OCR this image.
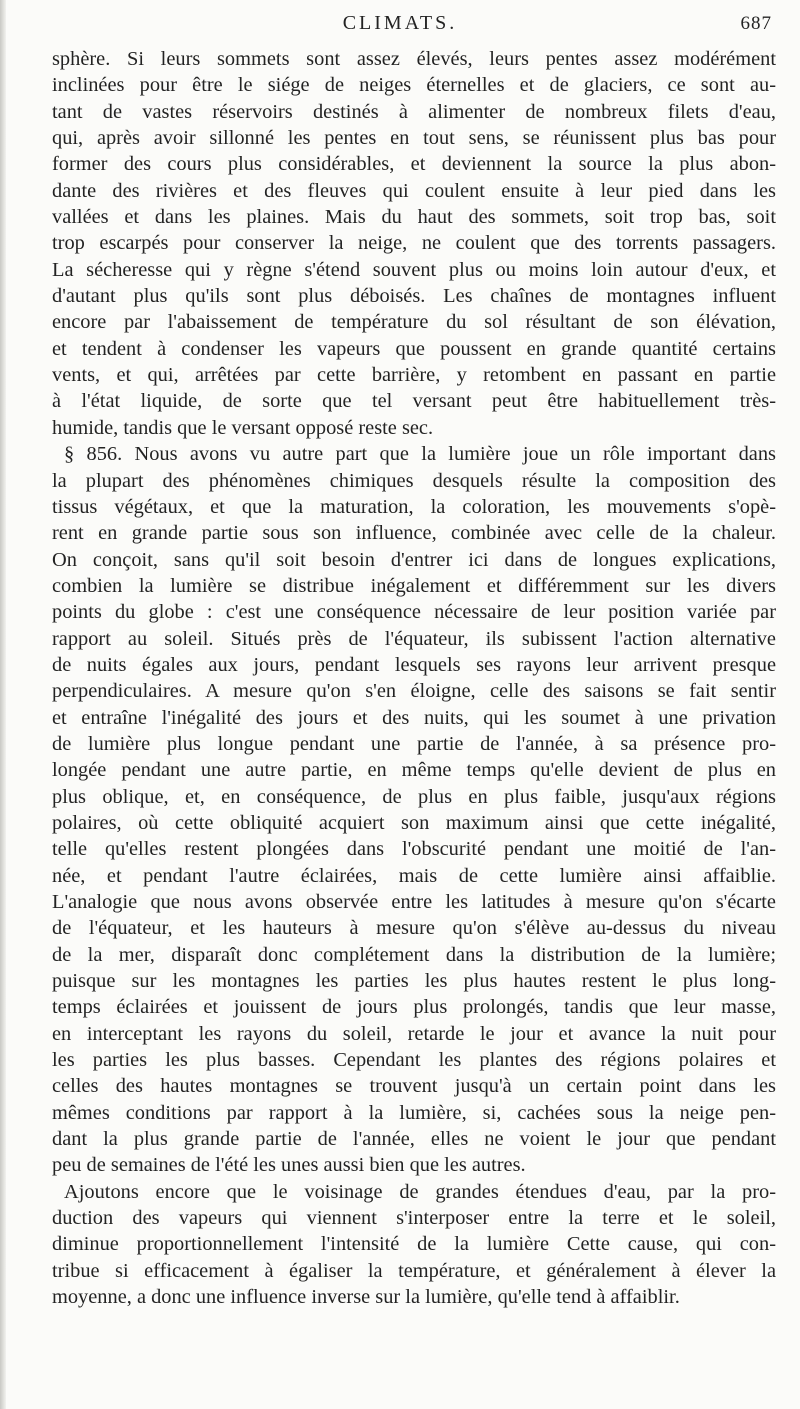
CLIMATS.	687
sphère. Si leurs sommets sont assez élevés, leurs pentes assez modérément
inclinées pour être le siége de neiges éternelles et de glaciers, ce sont au-
tant de vastes réservoirs destinés à alimenter de nombreux filets d'eau,
qui, après avoir sillonné les pentes en tout sens, se réunissent plus bas pour
former des cours plus considérables, et deviennent la source la plus abon-
dante des rivières et des fleuves qui coulent ensuite à leur pied dans les
vallées et dans les plaines. Mais du haut des sommets, soit trop bas, soit
trop escarpés pour conserver la neige, ne coulent que des torrents passagers.
La sécheresse qui y règne s'étend souvent plus ou moins loin autour d'eux, et
d'autant plus qu'ils sont plus déboisés. Les chaînes de montagnes influent
encore par l'abaissement de température du sol résultant de son élévation,
et tendent à condenser les vapeurs que poussent en grande quantité certains
vents, et qui, arrêtées par cette barrière, y retombent en passant en partie
à l'état liquide, de sorte que tel versant peut être habituellement très-
humide, tandis que le versant opposé reste sec.
§ 856. Nous avons vu autre part que la lumière joue un rôle important dans
la plupart des phénomènes chimiques desquels résulte la composition des
tissus végétaux, et que la maturation, la coloration, les mouvements s'opè-
rent en grande partie sous son influence, combinée avec celle de la chaleur.
On conçoit, sans qu'il soit besoin d'entrer ici dans de longues explications,
combien la lumière se distribue inégalement et différemment sur les divers
points du globe : c'est une conséquence nécessaire de leur position variée par
rapport au soleil. Situés près de l'équateur, ils subissent l'action alternative
de nuits égales aux jours, pendant lesquels ses rayons leur arrivent presque
perpendiculaires. A mesure qu'on s'en éloigne, celle des saisons se fait sentir
et entraîne l'inégalité des jours et des nuits, qui les soumet à une privation
de lumière plus longue pendant une partie de l'année, à sa présence pro-
longée pendant une autre partie, en même temps qu'elle devient de plus en
plus oblique, et, en conséquence, de plus en plus faible, jusqu'aux régions
polaires, où cette obliquité acquiert son maximum ainsi que cette inégalité,
telle qu'elles restent plongées dans l'obscurité pendant une moitié de l'an-
née, et pendant l'autre éclairées, mais de cette lumière ainsi affaiblie.
L'analogie que nous avons observée entre les latitudes à mesure qu'on s'écarte
de l'équateur, et les hauteurs à mesure qu'on s'élève au-dessus du niveau
de la mer, disparaît donc complétement dans la distribution de la lumière;
puisque sur les montagnes les parties les plus hautes restent le plus long-
temps éclairées et jouissent de jours plus prolongés, tandis que leur masse,
en interceptant les rayons du soleil, retarde le jour et avance la nuit pour
les parties les plus basses. Cependant les plantes des régions polaires et
celles des hautes montagnes se trouvent jusqu'à un certain point dans les
mêmes conditions par rapport à la lumière, si, cachées sous la neige pen-
dant la plus grande partie de l'année, elles ne voient le jour que pendant
peu de semaines de l'été les unes aussi bien que les autres.
Ajoutons encore que le voisinage de grandes étendues d'eau, par la pro-
duction des vapeurs qui viennent s'interposer entre la terre et le soleil,
diminue proportionnellement l'intensité de la lumière Cette cause, qui con-
tribue si efficacement à égaliser la température, et généralement à élever la
moyenne, a donc une influence inverse sur la lumière, qu'elle tend à affaiblir.
